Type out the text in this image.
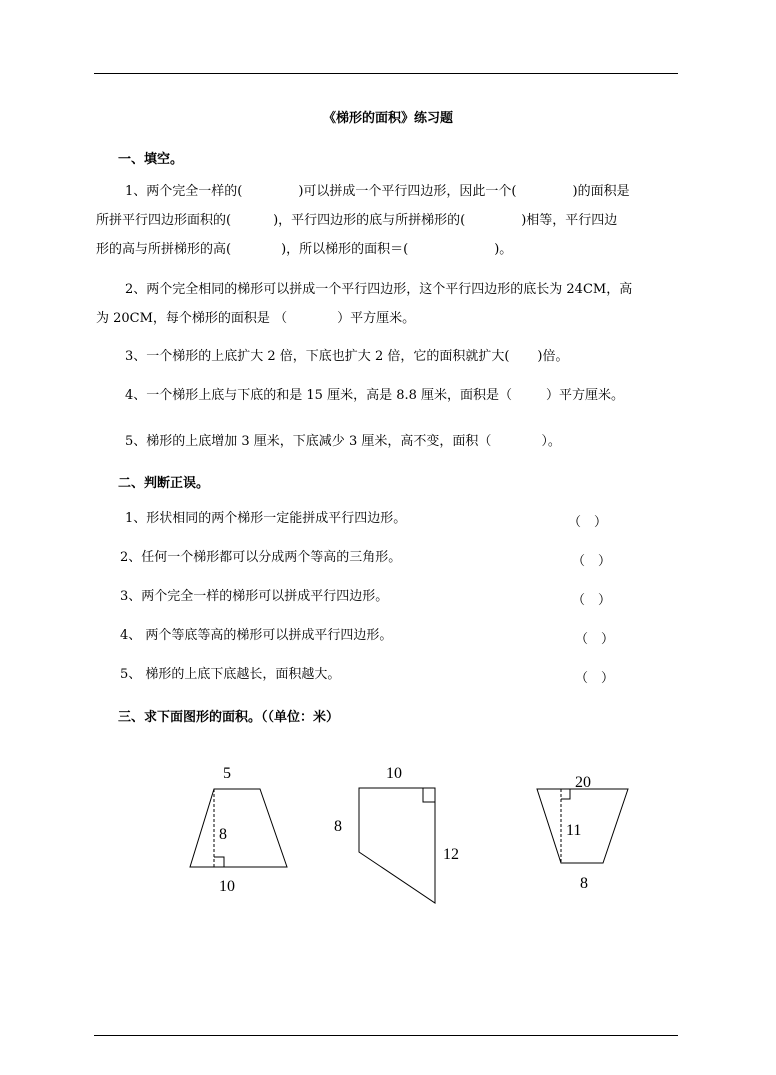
《梯形的面积》练习题
一、填空。
1、两个完全一样的(	)可以拼成一个平行四边形，因此一个(	)的面积是
所拼平行四边形面积的(	)，平行四边形的底与所拼梯形的(	)相等，平行四边
形的高与所拼梯形的高(	)，所以梯形的面积＝(	)。
2、两个完全相同的梯形可以拼成一个平行四边形，这个平行四边形的底长为 24CM，高
为 20CM，每个梯形的面积是 （	）平方厘米。
3、一个梯形的上底扩大 2 倍，下底也扩大 2 倍，它的面积就扩大( )倍。
4、一个梯形上底与下底的和是 15 厘米，高是 8.8 厘米，面积是（	）平方厘米。
5、梯形的上底增加 3 厘米，下底减少 3 厘米，高不变，面积（	）。
二、判断正误。
1、形状相同的两个梯形一定能拼成平行四边形。	（　）
2、任何一个梯形都可以分成两个等高的三角形。	（　）
3、两个完全一样的梯形可以拼成平行四边形。	（　）
4、 两个等底等高的梯形可以拼成平行四边形。	（　）
5、 梯形的上底下底越长，面积越大。	（　）
三、求下面图形的面积。（（单位：米）
5
8
10
10
8
12
20
11
8
